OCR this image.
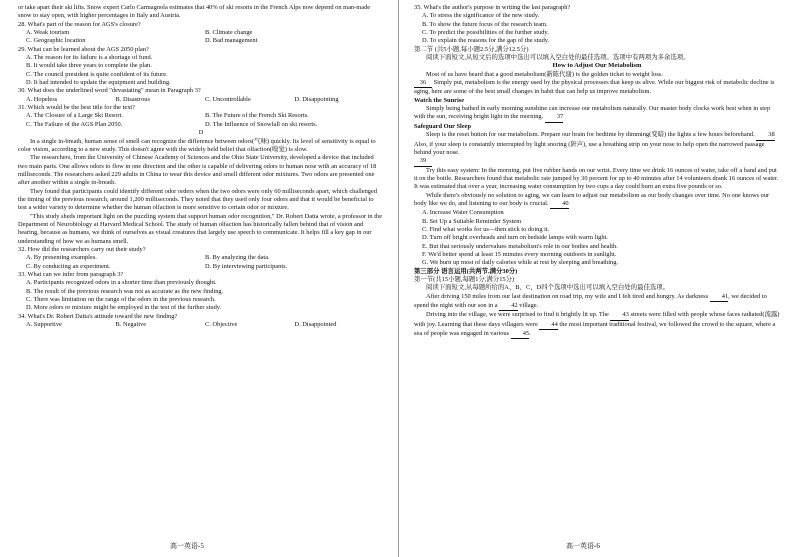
or take apart their ski lifts. Snow expert Carlo Carmagnola estimates that 40% of ski resorts in the French Alps now depend on man-made snow to stay open, with higher percentages in Italy and Austria.

28. What's part of the reason for AGS's closure?

A. Weak tourism	B. Climate change
C. Geographic location	D. Bad management

29. What can be learned about the AGS 2050 plan?

A. The reason for its failure is a shortage of fund.

B. It would take three years to complete the plan.

C. The council president is quite confident of its future.

D. It had intended to update the equipment and building.

30. What does the underlined word "devastating" mean in Paragraph 3?

A. Hopeless	B. Disastrous	C. Uncontrollable	D. Disappointing

31. Which would be the best title for the text?

A. The Closure of a Large Ski Resort.	B. The Future of the French Ski Resorts.
C. The Failure of the AGS Plan 2050.	D. The Influence of Snowfall on ski resorts.

D

In a single in-breath, human sense of smell can recognize the difference between odors(气味) quickly. Its level of sensitivity is equal to color vision, according to a new study. This doesn't agree with the widely held belief that olfaction(嗅觉) is slow.

The researchers, from the University of Chinese Academy of Sciences and the Ohio State University, developed a device that included two main parts. One allows odors to flow in one direction and the other is capable of delivering odors to human nose with an accuracy of 18 milliseconds. The researchers asked 229 adults in China to wear this device and smell different odor mixtures. Two odors are presented one after another within a single in-breath.

They found that participants could identify different odor orders when the two odors were only 60 milliseconds apart, which challenged the timing of the previous research, around 1,200 milliseconds. They noted that they used only four odors and that it would be beneficial to test a wider variety to determine whether the human olfaction is more sensitive to certain odor or mixture.

"This study sheds important light on the puzzling system that support human odor recognition," Dr. Robert Datta wrote, a professor in the Department of Neurobiology at Harvard Medical School. The study of human olfaction has historically fallen behind that of vision and hearing, because as humans, we think of ourselves as visual creatures that largely use speech to communicate. It helps fill a key gap in our understanding of how we as humans smell.

32. How did the researchers carry out their study?

A. By presenting examples.	B. By analyzing the data.
C. By conducting an experiment.	D. By interviewing participants.

33. What can we infer from paragraph 3?

A. Participants recognized odors in a shorter time than previously thought.

B. The result of the previous research was not as accurate as the new finding.

C. There was limitation on the range of the odors in the previous research.

D. More odors or mixture might be employed in the test of the further study.

34. What's Dr. Robert Datta's attitude toward the new finding?

A. Supportive	B. Negative	C. Objective	D. Disappointed
高一英语-5

35. What's the author's purpose in writing the last paragraph?

A. To stress the significance of the new study.

B. To show the future focus of the research team.

C. To predict the possibilities of the further study.

D. To explain the reasons for the gap of the study.

第二节 (共5小题,每小题2.5分,满分12.5分)

阅读下面短文,从短文后的选项中选出可以填入空白处的最佳选项。选项中有两项为多余选项。

How to Adjust Our Metabolism

Most of us have heard that a good metabolism(新陈代谢) is the golden ticket to weight loss.

36 Simply put, metabolism is the energy used by the physical processes that keep us alive. While our biggest risk of metabolic decline is aging, here are some of the best small changes in habit that can help us improve metabolism.

Watch the Sunrise

Simply being bathed in early morning sunshine can increase our metabolism naturally. Our master body clocks work best when in step with the sun, receiving bright light in the morning. 37

Safeguard Our Sleep

Sleep is the reset button for our metabolism. Prepare our brain for bedtime by dimming(变暗) the lights a few hours beforehand. 38 Also, if your sleep is constantly interrupted by light snoring (鼾声), use a breathing strip on your nose to help open the narrowed passage behind your nose.

39

Try this easy system: In the morning, put five rubber hands on our wrist. Every time we drink 16 ounces of water, take off a band and put it on the bottle. Researchers found that metabolic rate jumped by 30 percent for up to 40 minutes after 14 volunteers drank 16 ounces of water. It was estimated that over a year, increasing water consumption by two cups a day could burn an extra five pounds or so.

While there's obviously no solution to aging, we can learn to adjust our metabolism as our body changes over time. No one knows our body like we do, and listening to our body is crucial. 40

A. Increase Water Consumption

B. Set Up a Suitable Reminder System

C. Find what works for us—then stick to doing it.

D. Turn off bright overheads and turn on bedside lamps with warm light.

E. But that seriously undervalues metabolism's role in our bodies and health.

F. We'd better spend at least 15 minutes every morning outdoors in sunlight.

G. We burn up most of daily calories while at rest by sleeping and breathing.

第三部分 语言运用(共两节,满分30分)

第一节(共15小题,每题1分,满分15分)

阅读下面短文,从每题所给的A、B、C、D四个选项中选出可以填入空白处的最佳选项。

After driving 150 miles from our last destination on road trip, my wife and I felt tired and hungry. As darkness 41, we decided to spend the night with our son in a 42 village.

Driving into the village, we were surprised to find it brightly lit up. The 43 streets were filled with people whose faces radiated(流露) with joy. Learning that these days villagers were 44 the most important traditional festival, we followed the crowd to the square, where a sea of people was engaged in various 45.

高一英语-6
